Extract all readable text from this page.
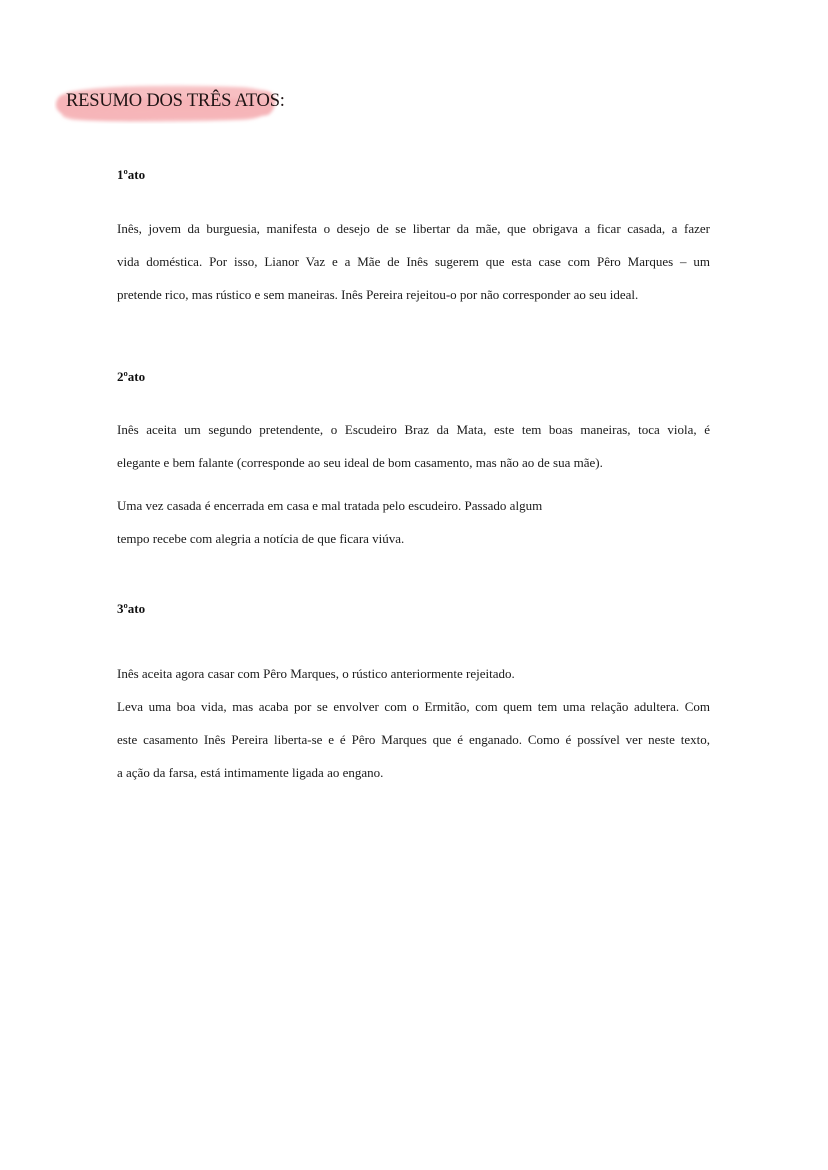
RESUMO DOS TRÊS ATOS:
1ºato
Inês, jovem da burguesia, manifesta o desejo de se libertar da mãe, que obrigava a ficar casada, a fazer
vida doméstica. Por isso, Lianor Vaz e a Mãe de Inês sugerem que esta case com Pêro Marques – um
pretende rico, mas rústico e sem maneiras. Inês Pereira rejeitou-o por não corresponder ao seu ideal.
2ºato
Inês aceita um segundo pretendente, o Escudeiro Braz da Mata, este tem boas maneiras, toca viola, é
elegante e bem falante (corresponde ao seu ideal de bom casamento, mas não ao de sua mãe).
Uma vez casada é encerrada em casa e mal tratada pelo escudeiro. Passado algum
tempo recebe com alegria a notícia de que ficara viúva.
3ºato
Inês aceita agora casar com Pêro Marques, o rústico anteriormente rejeitado.
Leva uma boa vida, mas acaba por se envolver com o Ermitão, com quem tem uma relação adultera. Com
este casamento Inês Pereira liberta-se e é Pêro Marques que é enganado. Como é possível ver neste texto,
a ação da farsa, está intimamente ligada ao engano.
